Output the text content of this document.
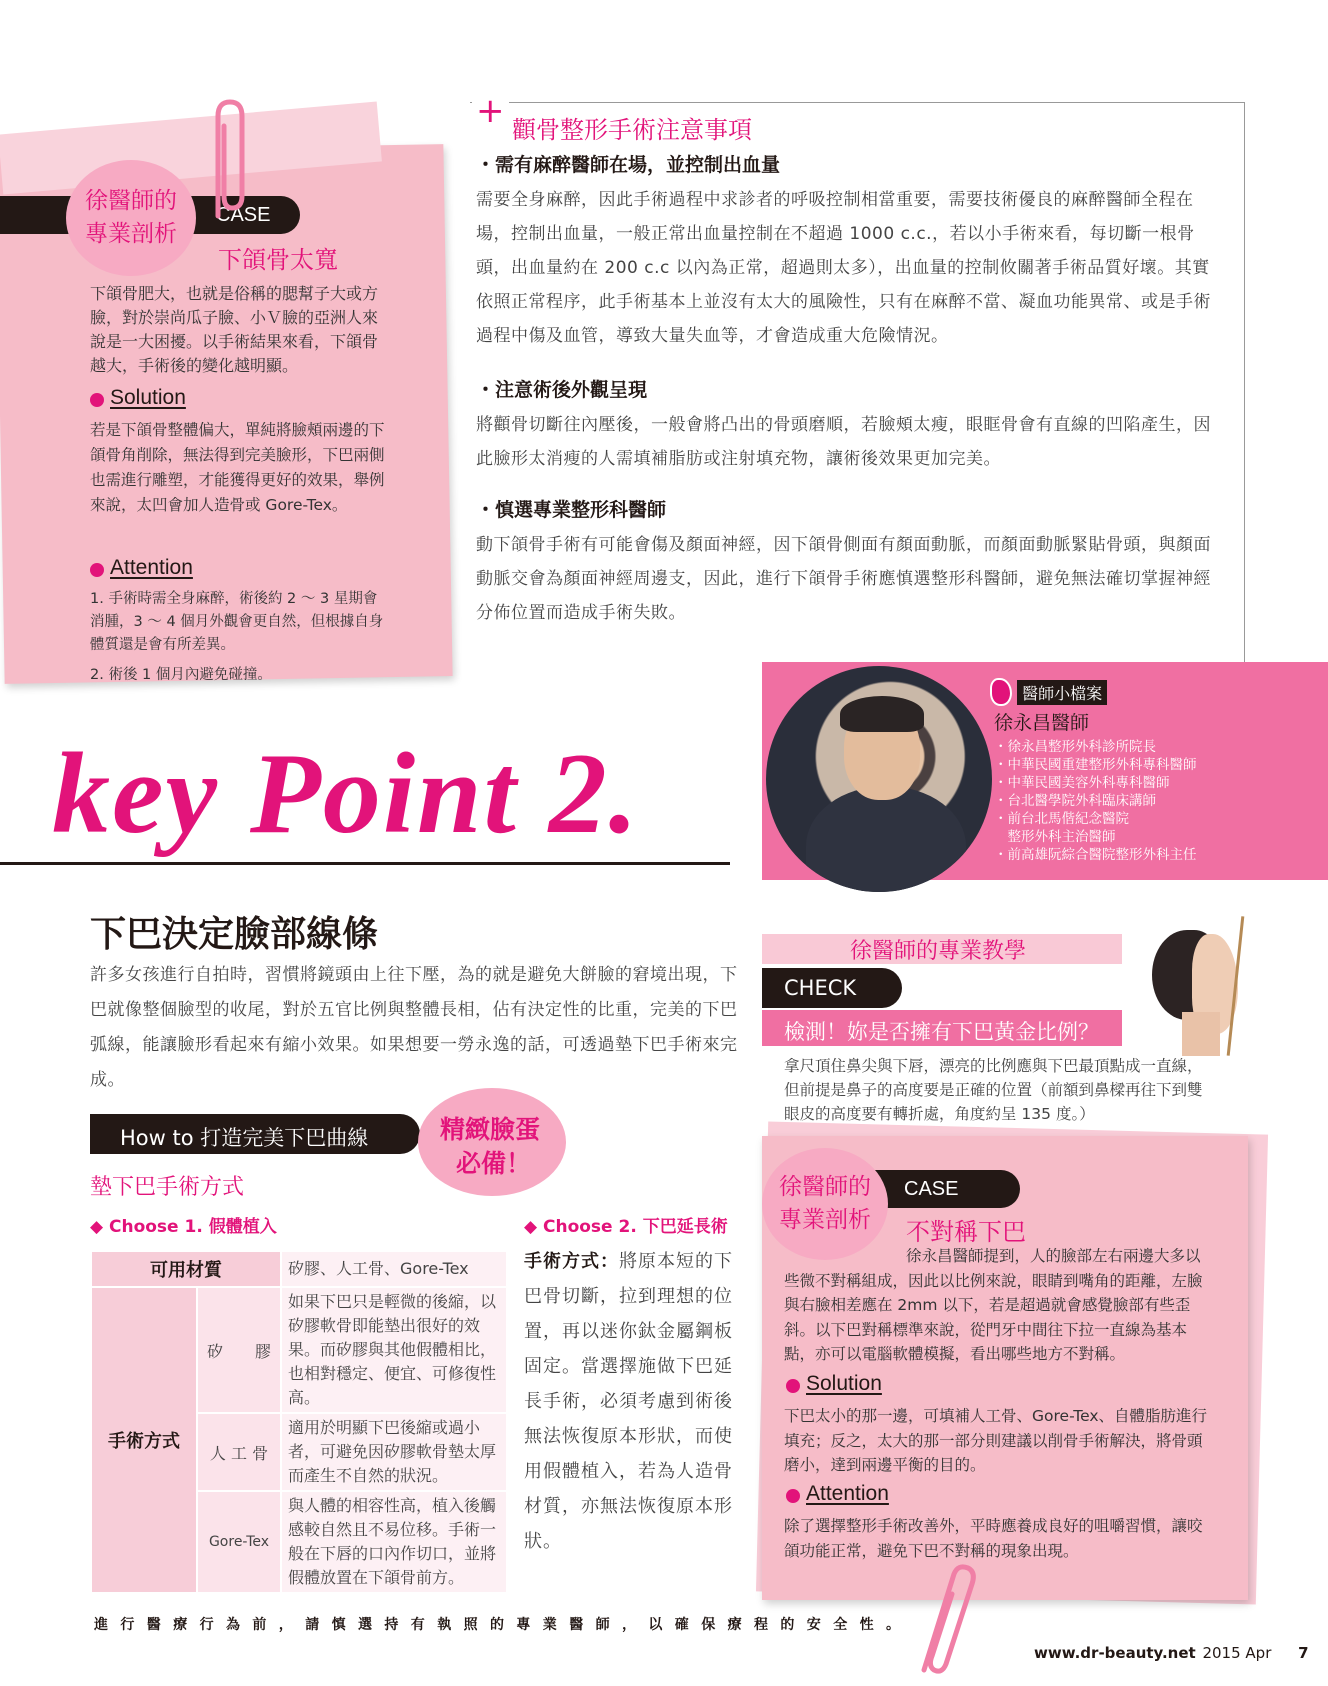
徐醫師的
專業剖析
CASE
下頜骨太寬
下頜骨肥大，也就是俗稱的腮幫子大或方臉，對於崇尚瓜子臉、小Ｖ臉的亞洲人來說是一大困擾。以手術結果來看，下頜骨越大，手術後的變化越明顯。
Solution
若是下頜骨整體偏大，單純將臉頰兩邊的下頜骨角削除，無法得到完美臉形，下巴兩側也需進行雕塑，才能獲得更好的效果，舉例來說，太凹會加人造骨或 Gore-Tex。
Attention
1. 手術時需全身麻醉，術後約 2 ～ 3 星期會消腫，3 ～ 4 個月外觀會更自然，但根據自身體質還是會有所差異。
2. 術後 1 個月內避免碰撞。
+ 顴骨整形手術注意事項
・需有麻醉醫師在場，並控制出血量
需要全身麻醉，因此手術過程中求診者的呼吸控制相當重要，需要技術優良的麻醉醫師全程在場，控制出血量，一般正常出血量控制在不超過 1000 c.c.，若以小手術來看，每切斷一根骨頭，出血量約在 200 c.c 以內為正常，超過則太多），出血量的控制攸關著手術品質好壞。其實依照正常程序，此手術基本上並沒有太大的風險性，只有在麻醉不當、凝血功能異常、或是手術過程中傷及血管，導致大量失血等，才會造成重大危險情況。
・注意術後外觀呈現
將顴骨切斷往內壓後，一般會將凸出的骨頭磨順，若臉頰太瘦，眼眶骨會有直線的凹陷產生，因此臉形太消瘦的人需填補脂肪或注射填充物，讓術後效果更加完美。
・慎選專業整形科醫師
動下頜骨手術有可能會傷及顏面神經，因下頜骨側面有顏面動脈，而顏面動脈緊貼骨頭，與顏面動脈交會為顏面神經周邊支，因此，進行下頜骨手術應慎選整形科醫師，避免無法確切掌握神經分佈位置而造成手術失敗。
醫師小檔案
徐永昌醫師
・徐永昌整形外科診所院長
・中華民國重建整形外科專科醫師
・中華民國美容外科專科醫師
・台北醫學院外科臨床講師
・前台北馬偕紀念醫院
　整形外科主治醫師
・前高雄阮綜合醫院整形外科主任
key Point 2.
下巴決定臉部線條
許多女孩進行自拍時，習慣將鏡頭由上往下壓，為的就是避免大餅臉的窘境出現，下巴就像整個臉型的收尾，對於五官比例與整體長相，佔有決定性的比重，完美的下巴弧線，能讓臉形看起來有縮小效果。如果想要一勞永逸的話，可透過墊下巴手術來完成。
How to 打造完美下巴曲線	精緻臉蛋
必備！
墊下巴手術方式
◆ Choose 1. 假體植入	◆ Choose 2. 下巴延長術
可用材質		矽膠、人工骨、Gore-Tex
手術方式	矽　　膠	如果下巴只是輕微的後縮，以矽膠軟骨即能墊出很好的效果。而矽膠與其他假體相比，也相對穩定、便宜、可修復性高。
	人 工 骨	適用於明顯下巴後縮或過小者，可避免因矽膠軟骨墊太厚而產生不自然的狀況。
	Gore-Tex	與人體的相容性高，植入後觸感較自然且不易位移。手術一般在下唇的口內作切口，並將假體放置在下頜骨前方。
手術方式：將原本短的下巴骨切斷，拉到理想的位置，再以迷你鈦金屬鋼板固定。當選擇施做下巴延長手術，必須考慮到術後無法恢復原本形狀，而使用假體植入，若為人造骨材質，亦無法恢復原本形狀。
徐醫師的專業教學
CHECK
檢測！妳是否擁有下巴黃金比例？
拿尺頂住鼻尖與下唇，漂亮的比例應與下巴最頂點成一直線，但前提是鼻子的高度要是正確的位置（前額到鼻樑再往下到雙眼皮的高度要有轉折處，角度約呈 135 度。）
徐醫師的
專業剖析
CASE
不對稱下巴
徐永昌醫師提到，人的臉部左右兩邊大多以些微不對稱組成，因此以比例來說，眼睛到嘴角的距離，左臉與右臉相差應在 2mm 以下，若是超過就會感覺臉部有些歪斜。以下巴對稱標準來說，從門牙中間往下拉一直線為基本點，亦可以電腦軟體模擬，看出哪些地方不對稱。
Solution
下巴太小的那一邊，可填補人工骨、Gore-Tex、自體脂肪進行填充；反之，太大的那一部分則建議以削骨手術解決，將骨頭磨小，達到兩邊平衡的目的。
Attention
除了選擇整形手術改善外，平時應養成良好的咀嚼習慣，讓咬頜功能正常，避免下巴不對稱的現象出現。
進行醫療行為前，請慎選持有執照的專業醫師，以確保療程的安全性。
www.dr-beauty.net 2015 Apr 7
